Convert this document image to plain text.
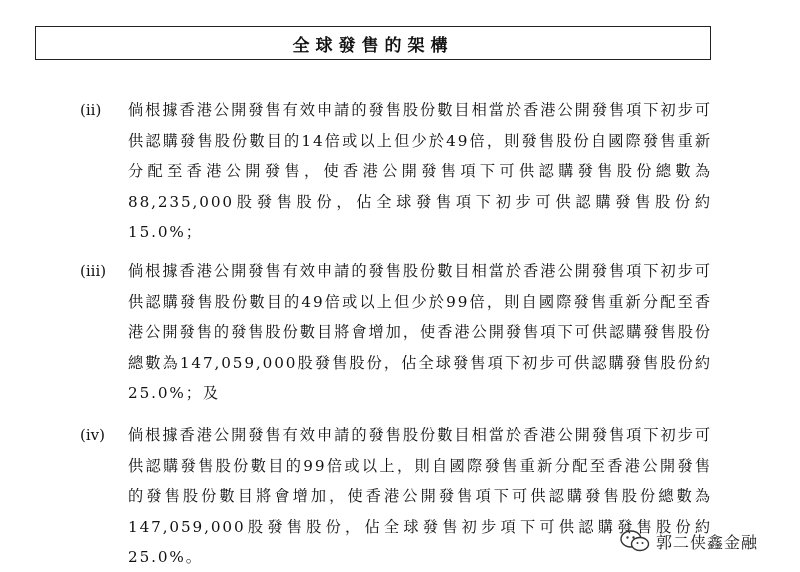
全球發售的架構
(ii) 倘根據香港公開發售有效申請的發售股份數目相當於香港公開發售項下初步可供認購發售股份數目的14倍或以上但少於49倍，則發售股份自國際發售重新分配至香港公開發售，使香港公開發售項下可供認購發售股份總數為88,235,000股發售股份，佔全球發售項下初步可供認購發售股份約15.0%；
(iii) 倘根據香港公開發售有效申請的發售股份數目相當於香港公開發售項下初步可供認購發售股份數目的49倍或以上但少於99倍，則自國際發售重新分配至香港公開發售的發售股份數目將會增加，使香港公開發售項下可供認購發售股份總數為147,059,000股發售股份，佔全球發售項下初步可供認購發售股份約25.0%；及
(iv) 倘根據香港公開發售有效申請的發售股份數目相當於香港公開發售項下初步可供認購發售股份數目的99倍或以上，則自國際發售重新分配至香港公開發售的發售股份數目將會增加，使香港公開發售項下可供認購發售股份總數為147,059,000股發售股份，佔全球發售初步項下可供認購發售股份約25.0%。
郭二侠鑫金融
